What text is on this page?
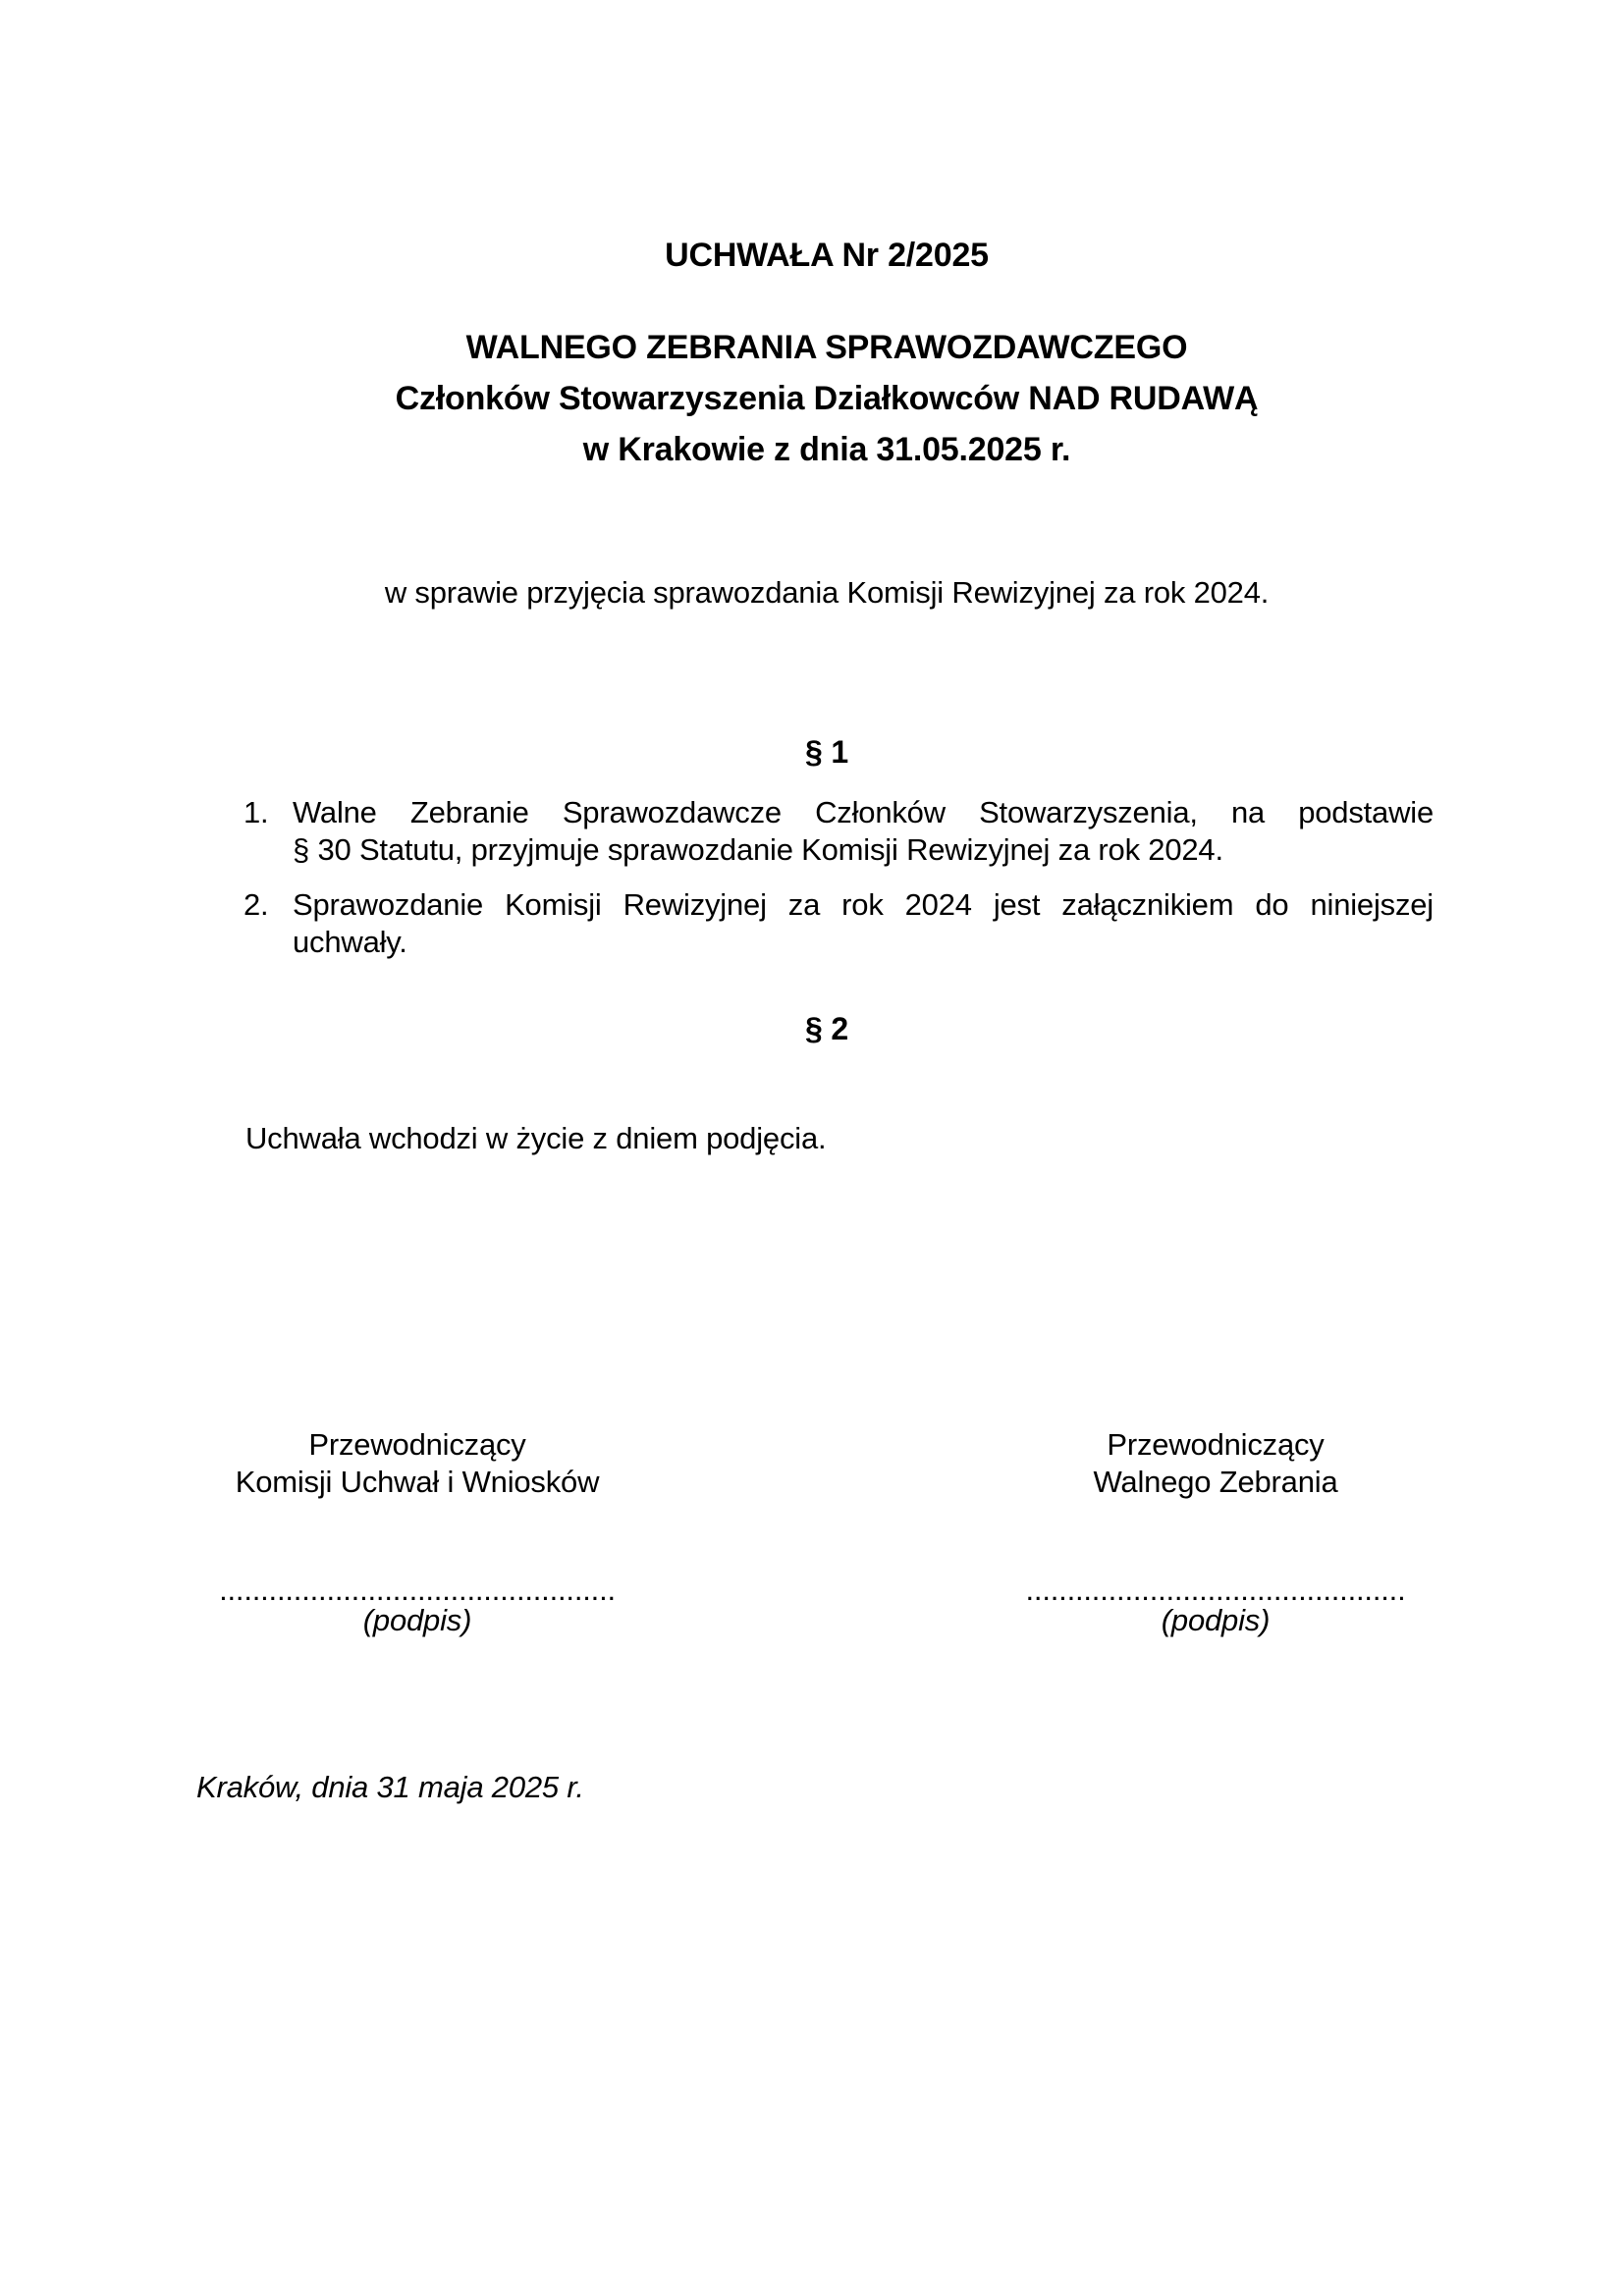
UCHWAŁA Nr 2/2025
WALNEGO ZEBRANIA SPRAWOZDAWCZEGO
Członków Stowarzyszenia Działkowców NAD RUDAWĄ
w Krakowie z dnia 31.05.2025 r.
w sprawie przyjęcia sprawozdania Komisji Rewizyjnej za rok 2024.
§ 1
1. Walne Zebranie Sprawozdawcze Członków Stowarzyszenia, na podstawie
§ 30 Statutu, przyjmuje sprawozdanie Komisji Rewizyjnej za rok 2024.
2. Sprawozdanie Komisji Rewizyjnej za rok 2024 jest załącznikiem do niniejszej
uchwały.
§ 2

Uchwała wchodzi w życie z dniem podjęcia.

Przewodniczący
Komisji Uchwał i Wniosków
................................................
(podpis)
Przewodniczący
Walnego Zebrania
..............................................
(podpis)

Kraków, dnia 31 maja 2025 r.
